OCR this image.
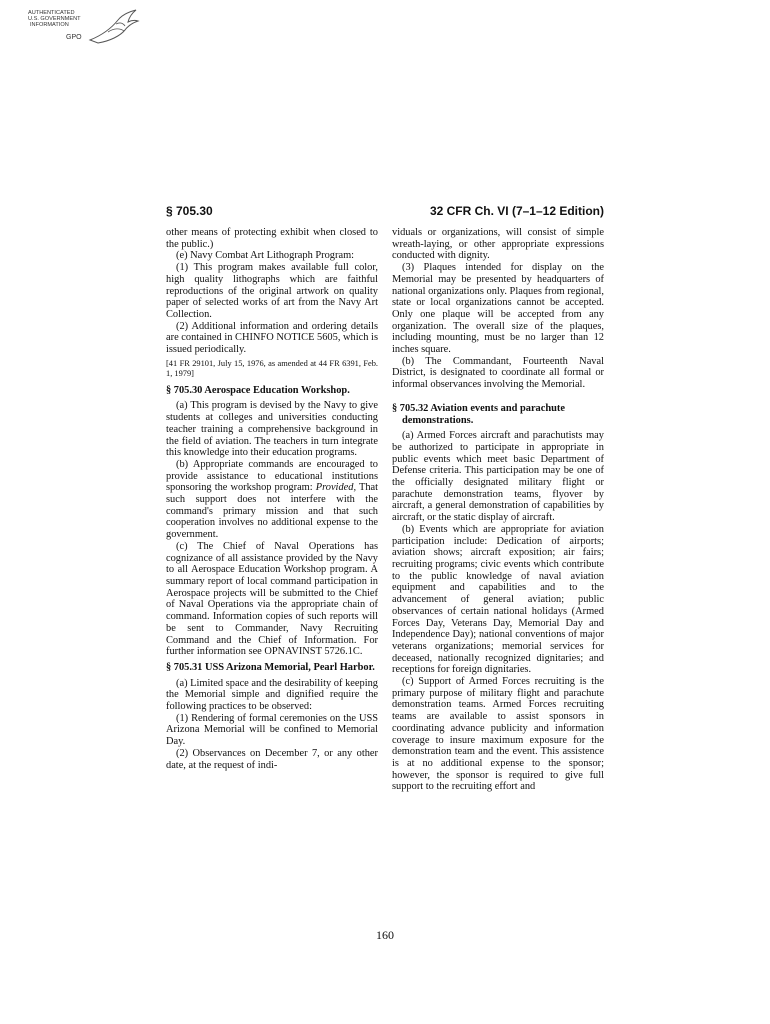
AUTHENTICATED
U.S. GOVERNMENT
INFORMATION
GPO
§ 705.30	32 CFR Ch. VI (7–1–12 Edition)

other means of protecting exhibit when closed to the public.)

(e) Navy Combat Art Lithograph Program:

(1) This program makes available full color, high quality lithographs which are faithful reproductions of the original artwork on quality paper of selected works of art from the Navy Art Collection.

(2) Additional information and ordering details are contained in CHINFO NOTICE 5605, which is issued periodically.

[41 FR 29101, July 15, 1976, as amended at 44 FR 6391, Feb. 1, 1979]

§ 705.30 Aerospace Education Workshop.

(a) This program is devised by the Navy to give students at colleges and universities conducting teacher training a comprehensive background in the field of aviation. The teachers in turn integrate this knowledge into their education programs.

(b) Appropriate commands are encouraged to provide assistance to educational institutions sponsoring the workshop program: Provided, That such support does not interfere with the command's primary mission and that such cooperation involves no additional expense to the government.

(c) The Chief of Naval Operations has cognizance of all assistance provided by the Navy to all Aerospace Education Workshop program. A summary report of local command participation in Aerospace projects will be submitted to the Chief of Naval Operations via the appropriate chain of command. Information copies of such reports will be sent to Commander, Navy Recruiting Command and the Chief of Information. For further information see OPNAVINST 5726.1C.

§ 705.31 USS Arizona Memorial, Pearl Harbor.

(a) Limited space and the desirability of keeping the Memorial simple and dignified require the following practices to be observed:

(1) Rendering of formal ceremonies on the USS Arizona Memorial will be confined to Memorial Day.

(2) Observances on December 7, or any other date, at the request of indi-

viduals or organizations, will consist of simple wreath-laying, or other appropriate expressions conducted with dignity.

(3) Plaques intended for display on the Memorial may be presented by headquarters of national organizations only. Plaques from regional, state or local organizations cannot be accepted. Only one plaque will be accepted from any organization. The overall size of the plaques, including mounting, must be no larger than 12 inches square.

(b) The Commandant, Fourteenth Naval District, is designated to coordinate all formal or informal observances involving the Memorial.

§ 705.32 Aviation events and parachute demonstrations.

(a) Armed Forces aircraft and parachutists may be authorized to participate in appropriate in public events which meet basic Department of Defense criteria. This participation may be one of the officially designated military flight or parachute demonstration teams, flyover by aircraft, a general demonstration of capabilities by aircraft, or the static display of aircraft.

(b) Events which are appropriate for aviation participation include: Dedication of airports; aviation shows; aircraft exposition; air fairs; recruiting programs; civic events which contribute to the public knowledge of naval aviation equipment and capabilities and to the advancement of general aviation; public observances of certain national holidays (Armed Forces Day, Veterans Day, Memorial Day and Independence Day); national conventions of major veterans organizations; memorial services for deceased, nationally recognized dignitaries; and receptions for foreign dignitaries.

(c) Support of Armed Forces recruiting is the primary purpose of military flight and parachute demonstration teams. Armed Forces recruiting teams are available to assist sponsors in coordinating advance publicity and information coverage to insure maximum exposure for the demonstration team and the event. This assistence is at no additional expense to the sponsor; however, the sponsor is required to give full support to the recruiting effort and

160
